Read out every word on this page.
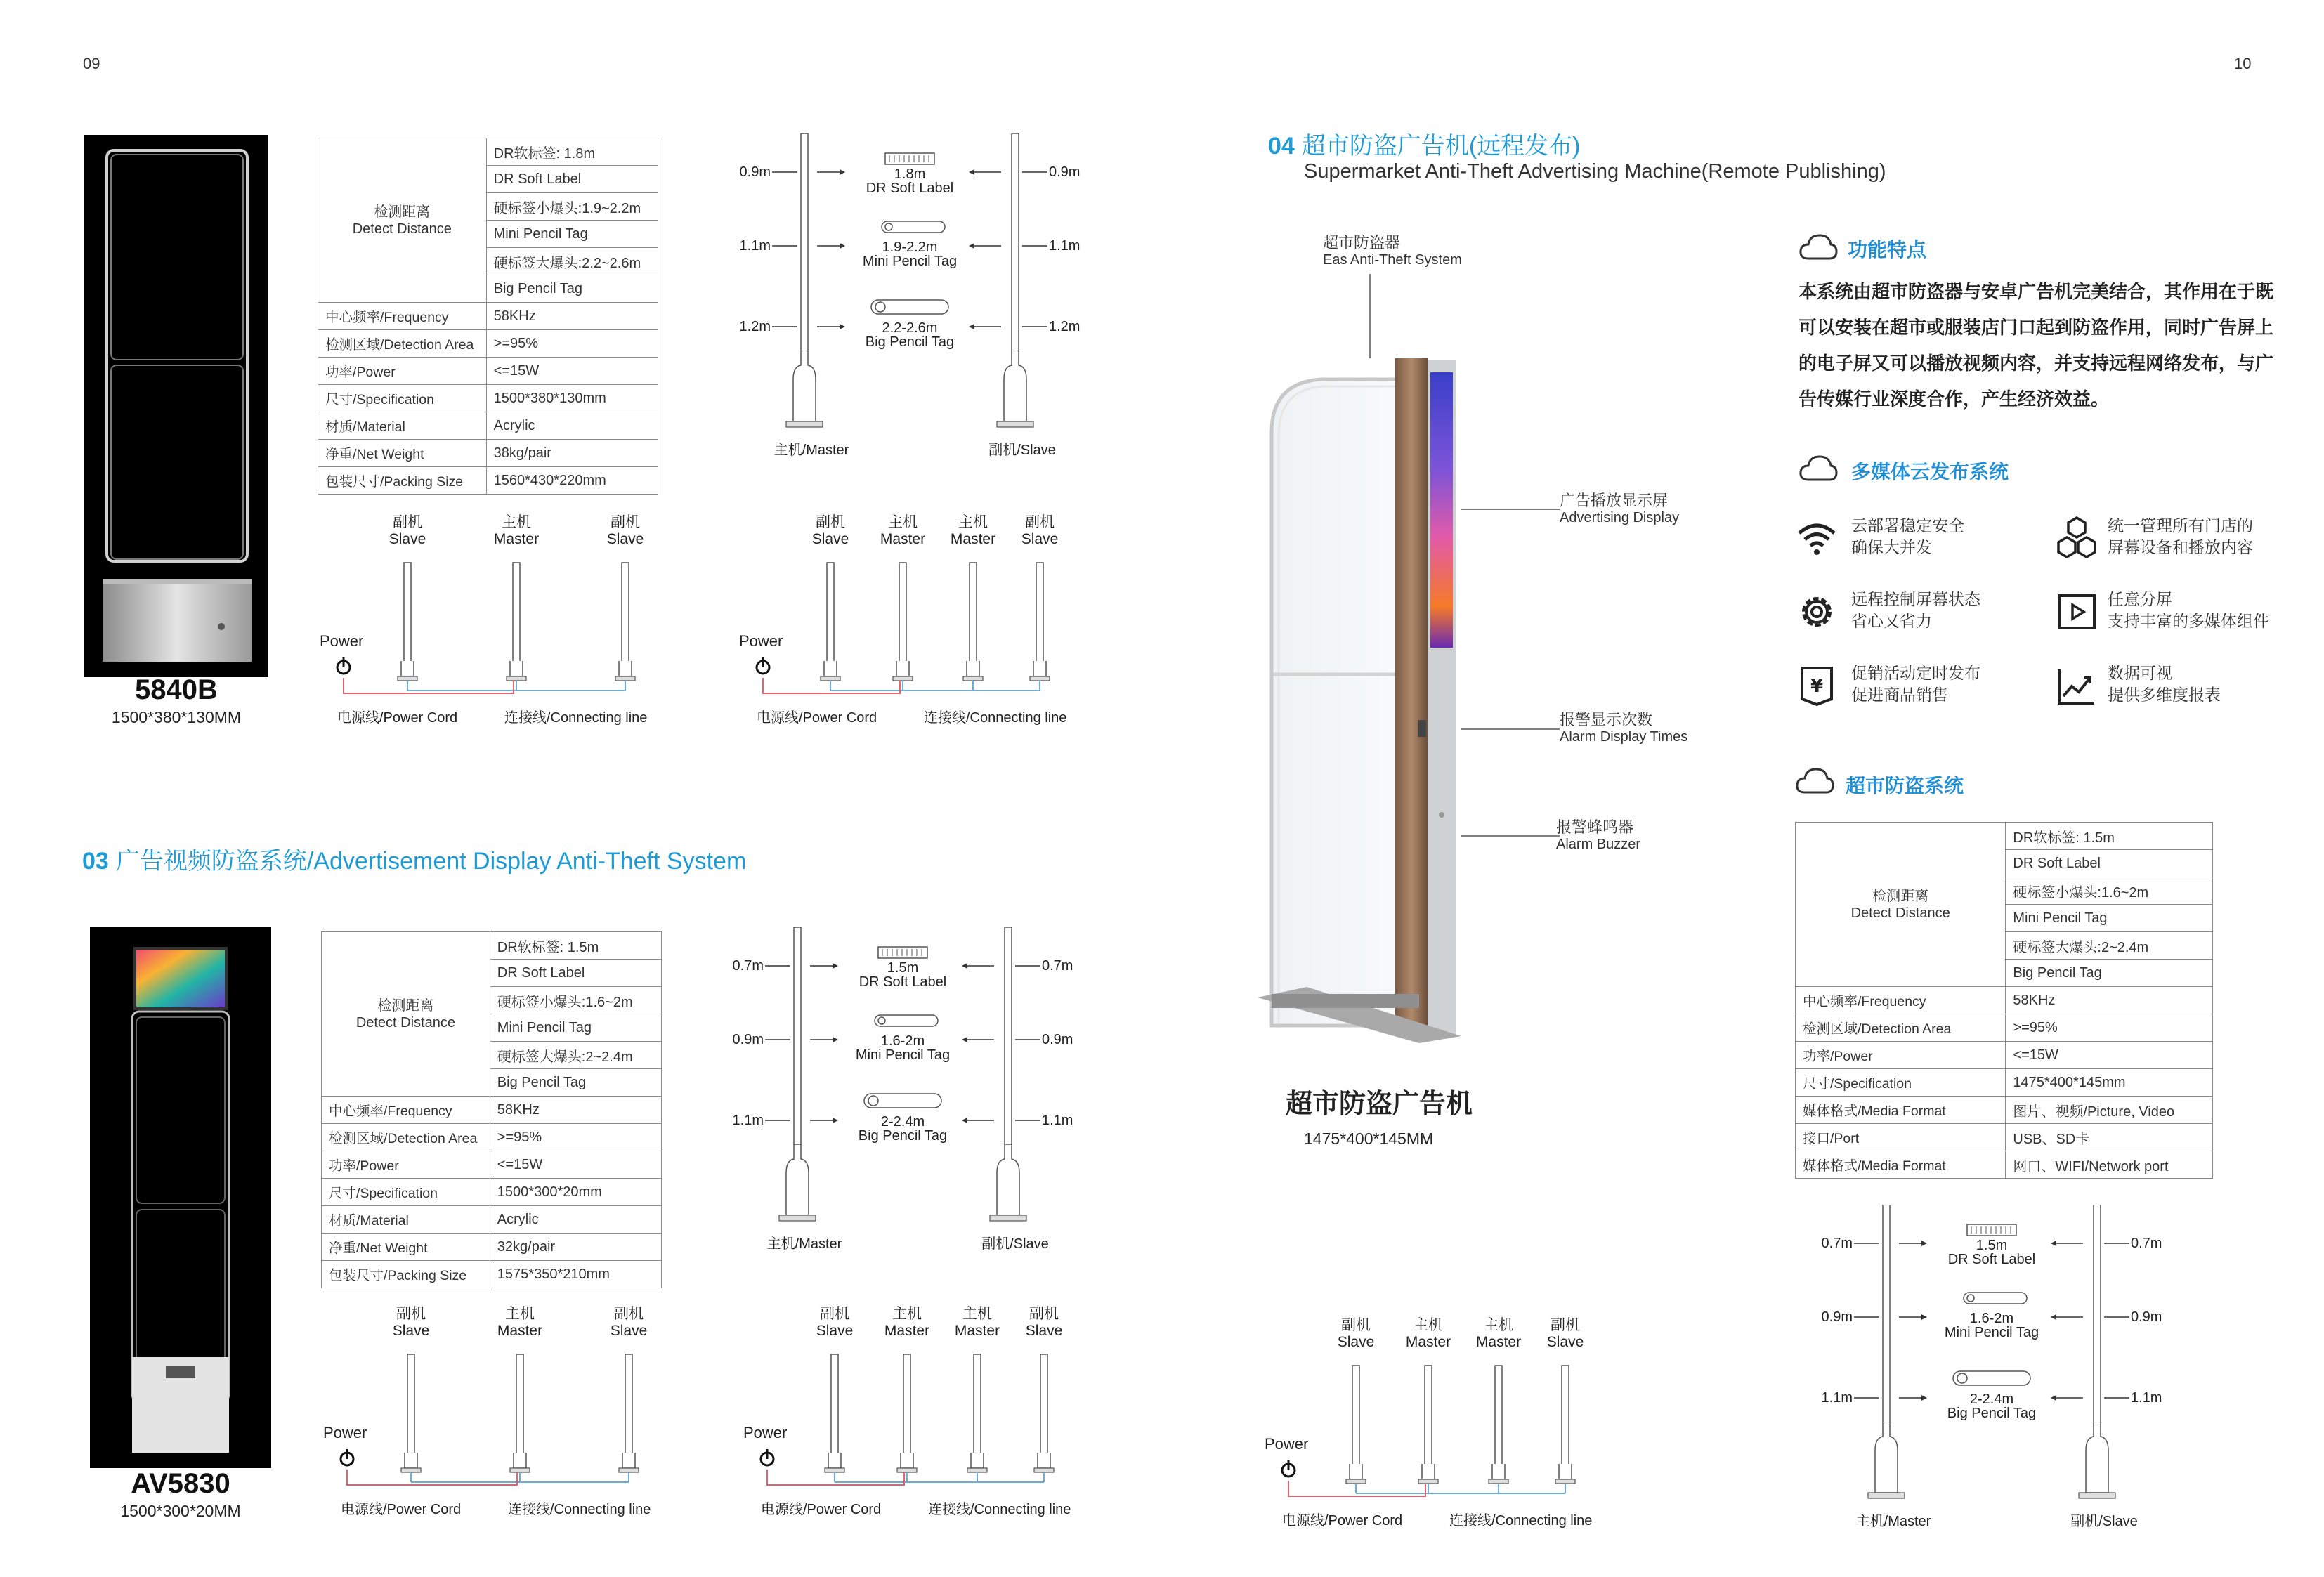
09	10
5840B
1500*380*130MM
检测距离
Detect Distance	DR软标签: 1.8m
	DR Soft Label
	硬标签小爆头:1.9~2.2m
	Mini Pencil Tag
	硬标签大爆头:2.2~2.6m
	Big Pencil Tag
中心频率/Frequency	58KHz
检测区域/Detection Area	>=95%
功率/Power	<=15W
尺寸/Specification	1500*380*130mm
材质/Material	Acrylic
净重/Net Weight	38kg/pair
包装尺寸/Packing Size	1560*430*220mm
0.9m	0.9m
1.1m	1.1m
1.2m	1.2m
1.8m
DR Soft Label
1.9-2.2m
Mini Pencil Tag
2.2-2.6m
Big Pencil Tag
主机/Master	副机/Slave
副机
Slave
主机
Master
副机
Slave
Power
电源线/Power Cord	连接线/Connecting line
副机
Slave
主机
Master
主机
Master
副机
Slave
Power
电源线/Power Cord	连接线/Connecting line
03 广告视频防盗系统/Advertisement Display Anti-Theft System
AV5830
1500*300*20MM
检测距离
Detect Distance	DR软标签: 1.5m
	DR Soft Label
	硬标签小爆头:1.6~2m
	Mini Pencil Tag
	硬标签大爆头:2~2.4m
	Big Pencil Tag
中心频率/Frequency	58KHz
检测区域/Detection Area	>=95%
功率/Power	<=15W
尺寸/Specification	1500*300*20mm
材质/Material	Acrylic
净重/Net Weight	32kg/pair
包装尺寸/Packing Size	1575*350*210mm
0.7m	0.7m
0.9m	0.9m
1.1m	1.1m
1.5m
DR Soft Label
1.6-2m
Mini Pencil Tag
2-2.4m
Big Pencil Tag
主机/Master	副机/Slave
副机
Slave
主机
Master
副机
Slave
Power
电源线/Power Cord	连接线/Connecting line
副机
Slave
主机
Master
主机
Master
副机
Slave
Power
电源线/Power Cord	连接线/Connecting line
04 超市防盗广告机(远程发布)
Supermarket Anti-Theft Advertising Machine(Remote Publishing)
超市防盗器
Eas Anti-Theft System
广告播放显示屏
Advertising Display
报警显示次数
Alarm Display Times
报警蜂鸣器
Alarm Buzzer
超市防盗广告机
1475*400*145MM
功能特点
本系统由超市防盗器与安卓广告机完美结合，其作用在于既可以安装在超市或服装店门口起到防盗作用，同时广告屏上的电子屏又可以播放视频内容，并支持远程网络发布，与广告传媒行业深度合作，产生经济效益。
多媒体云发布系统
云部署稳定安全
确保大并发
统一管理所有门店的
屏幕设备和播放内容
远程控制屏幕状态
省心又省力
任意分屏
支持丰富的多媒体组件
¥
促销活动定时发布
促进商品销售
数据可视
提供多维度报表
超市防盗系统
检测距离
Detect Distance	DR软标签: 1.5m
	DR Soft Label
	硬标签小爆头:1.6~2m
	Mini Pencil Tag
	硬标签大爆头:2~2.4m
	Big Pencil Tag
中心频率/Frequency	58KHz
检测区域/Detection Area	>=95%
功率/Power	<=15W
尺寸/Specification	1475*400*145mm
媒体格式/Media Format	图片、视频/Picture, Video
接口/Port	USB、SD卡
媒体格式/Media Format	网口、WIFI/Network port
0.7m	0.7m
0.9m	0.9m
1.1m	1.1m
1.5m
DR Soft Label
1.6-2m
Mini Pencil Tag
2-2.4m
Big Pencil Tag
主机/Master	副机/Slave
副机
Slave
主机
Master
主机
Master
副机
Slave
Power
电源线/Power Cord	连接线/Connecting line
